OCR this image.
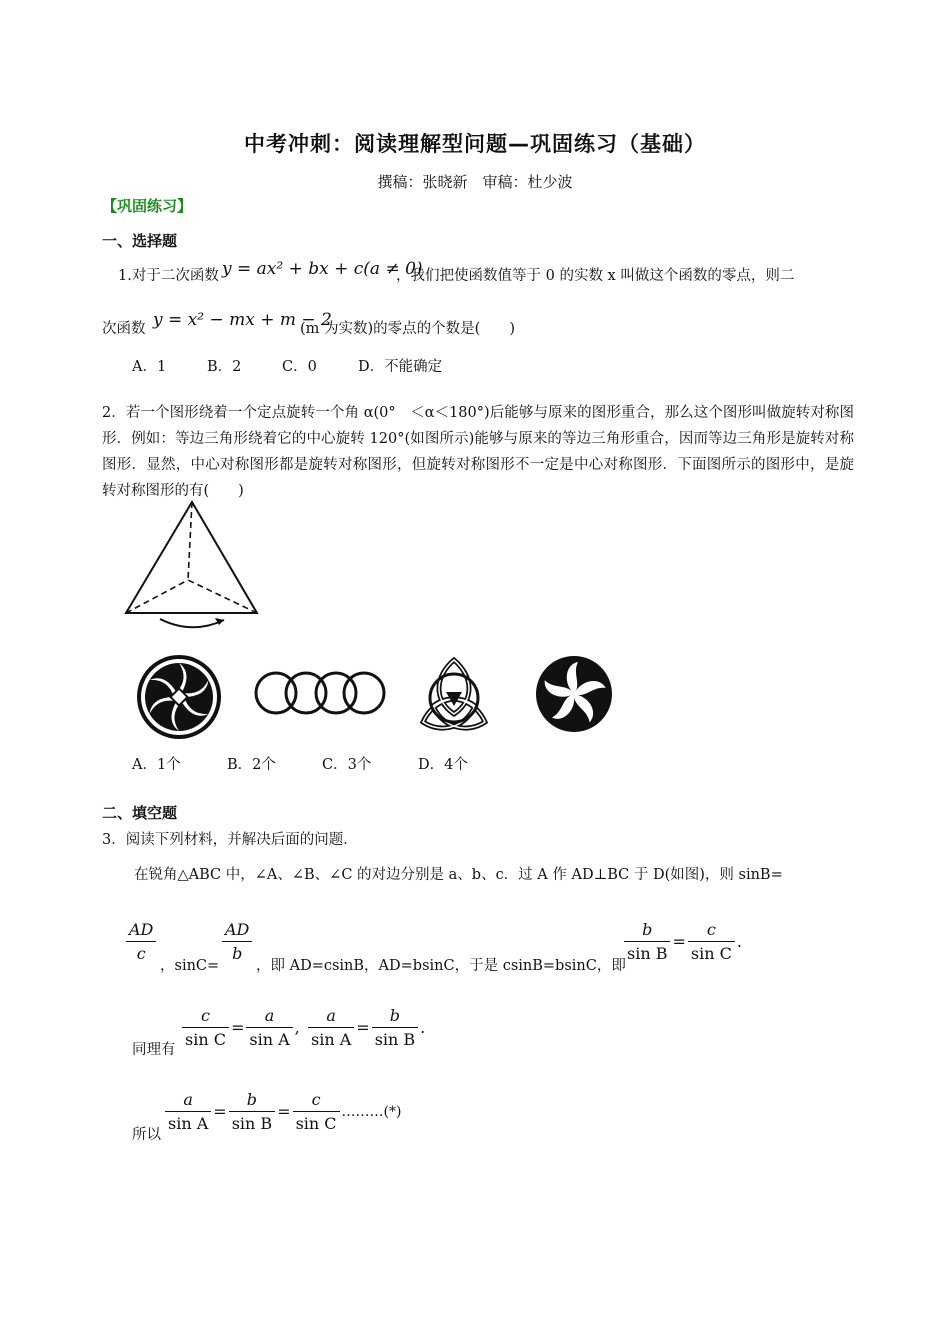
中考冲刺：阅读理解型问题—巩固练习（基础）
撰稿：张晓新　审稿：杜少波
【巩固练习】
一、选择题
1.对于二次函数 y = ax² + bx + c(a ≠ 0)
，我们把使函数值等于 0 的实数 x 叫做这个函数的零点，则二
次函数 y = x² − mx + m − 2
(m 为实数)的零点的个数是(　　)
A．1	B．2	C．0	D．不能确定
2．若一个图形绕着一个定点旋转一个角 α(0°　＜α＜180°)后能够与原来的图形重合，那么这个图形叫做旋转对称图形．例如：等边三角形绕着它的中心旋转 120°(如图所示)能够与原来的等边三角形重合，因而等边三角形是旋转对称图形．显然，中心对称图形都是旋转对称图形，但旋转对称图形不一定是中心对称图形．下面图所示的图形中，是旋转对称图形的有(　　)
A．1个	B．2个	C．3个	D．4个
二、填空题
3．阅读下列材料，并解决后面的问题．
在锐角△ABC 中，∠A、∠B、∠C 的对边分别是 a、b、c．过 A 作 AD⊥BC 于 D(如图)，则 sinB=
$\frac{AD}{c}$
，sinC=
$\frac{AD}{b}$
，即 AD=csinB，AD=bsinC，于是 csinB=bsinC，即
$\frac{b}{\text{sin B}} = \frac{c}{\text{sin C}}$ .
同理有
$\frac{c}{\text{sin C}} = \frac{a}{\text{sin A}}$ , $\frac{a}{\text{sin A}} = \frac{b}{\text{sin B}}$ .
所以
$\frac{a}{\text{sin A}} = \frac{b}{\text{sin B}} = \frac{c}{\text{sin C}}$ ………(*)
